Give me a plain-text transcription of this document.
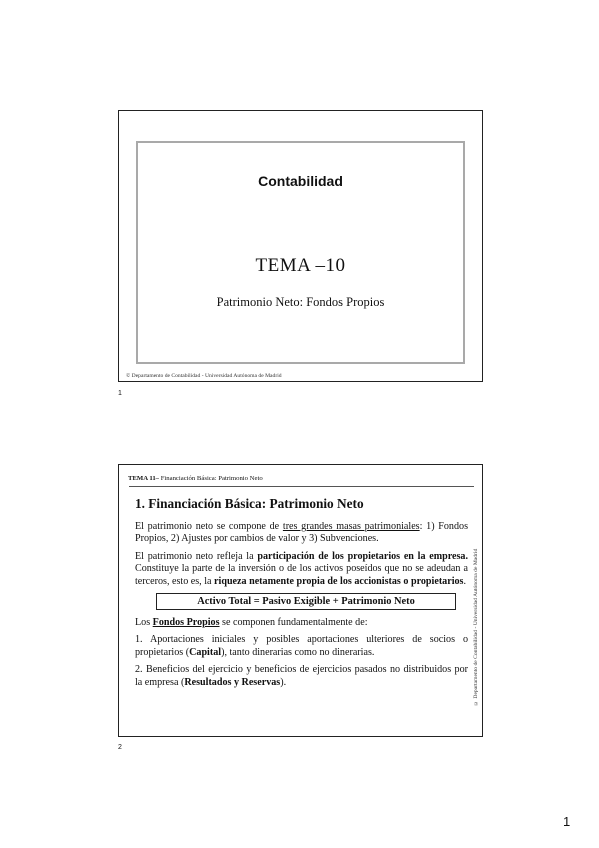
Contabilidad
TEMA –10
Patrimonio Neto: Fondos Propios
© Departamento de Contabilidad - Universidad Autónoma de Madrid
1
TEMA 11– Financiación Básica: Patrimonio Neto
1. Financiación Básica: Patrimonio Neto

El patrimonio neto se compone de tres grandes masas patrimoniales: 1) Fondos Propios, 2) Ajustes por cambios de valor y 3) Subvenciones.

El patrimonio neto refleja la participación de los propietarios en la empresa. Constituye la parte de la inversión o de los activos poseídos que no se adeudan a terceros, esto es, la riqueza netamente propia de los accionistas o propietarios.

Activo Total = Pasivo Exigible + Patrimonio Neto

Los Fondos Propios se componen fundamentalmente de:

1. Aportaciones iniciales y posibles aportaciones ulteriores de socios o propietarios (Capital), tanto dinerarias como no dinerarias.

2. Beneficios del ejercicio y beneficios de ejercicios pasados no distribuidos por la empresa (Resultados y Reservas).	© Departamento de Contabilidad - Universidad Autónoma de Madrid
2
1
